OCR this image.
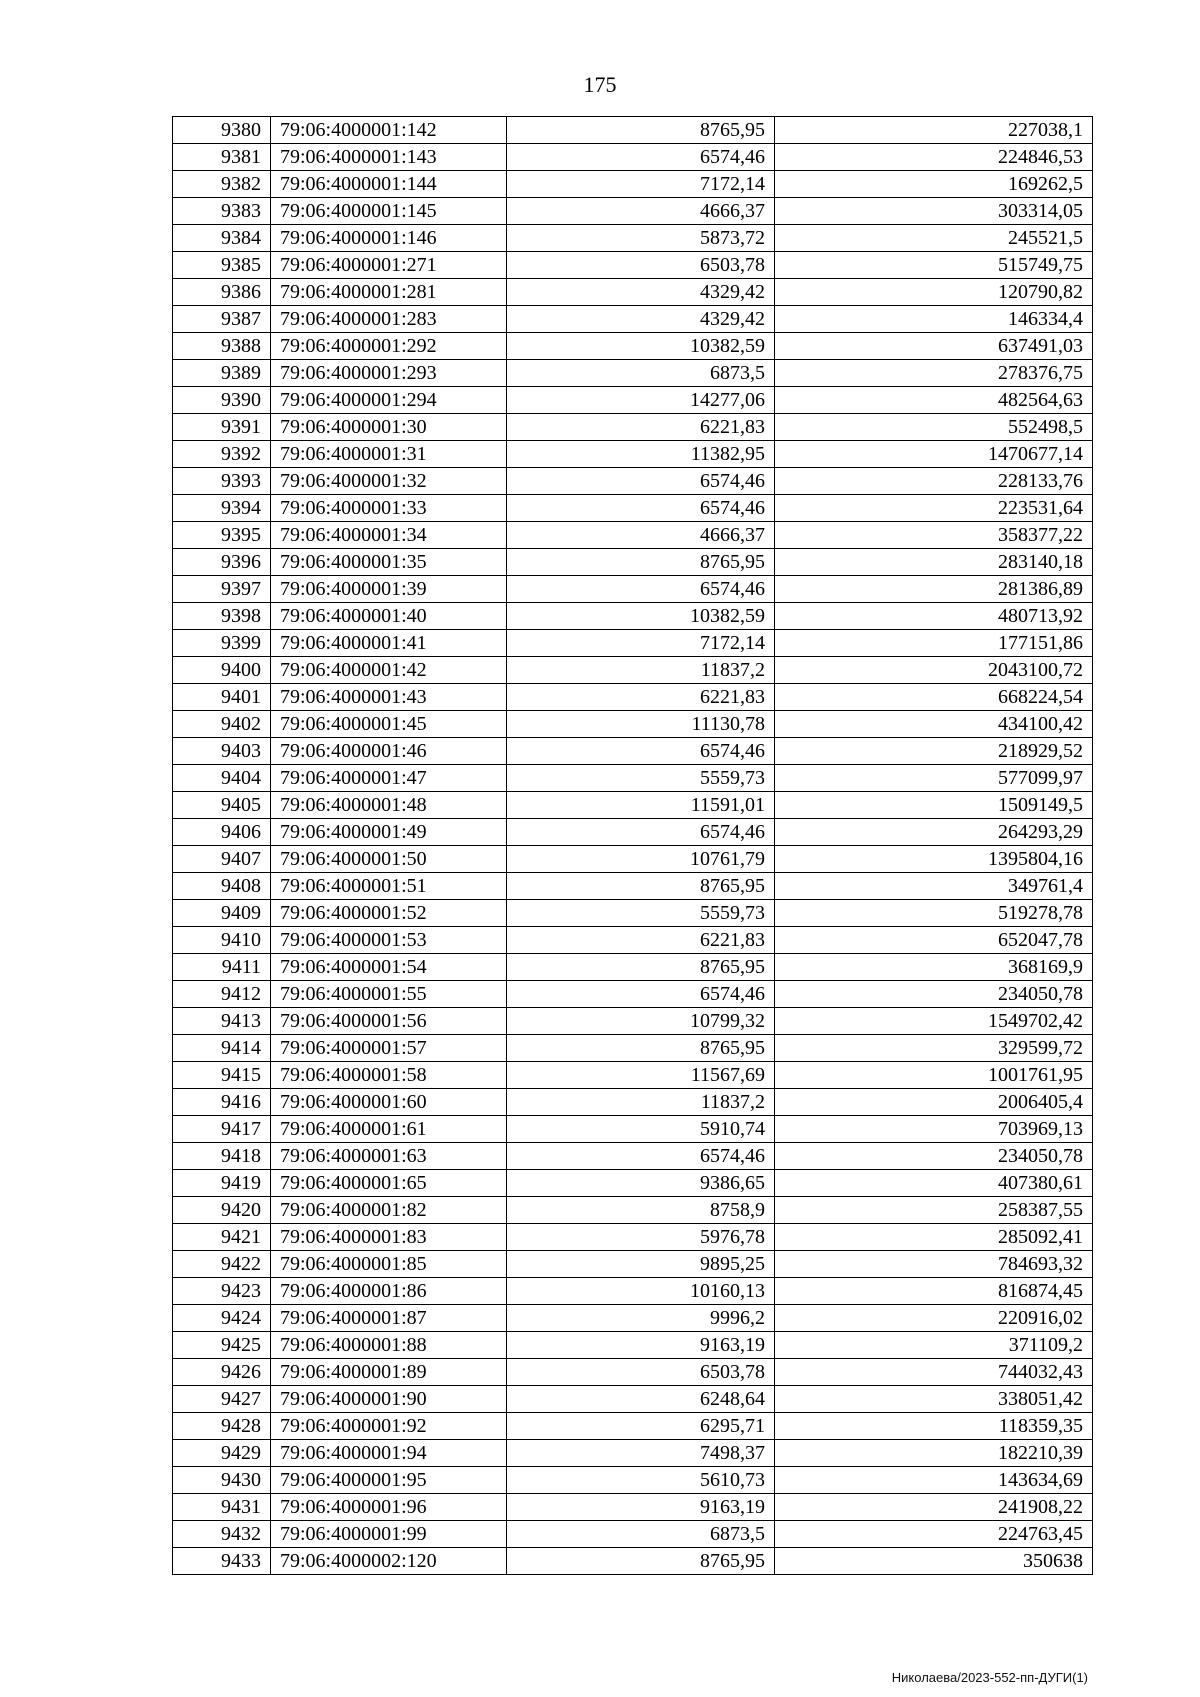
175
9380	79:06:4000001:142	8765,95	227038,1
9381	79:06:4000001:143	6574,46	224846,53
9382	79:06:4000001:144	7172,14	169262,5
9383	79:06:4000001:145	4666,37	303314,05
9384	79:06:4000001:146	5873,72	245521,5
9385	79:06:4000001:271	6503,78	515749,75
9386	79:06:4000001:281	4329,42	120790,82
9387	79:06:4000001:283	4329,42	146334,4
9388	79:06:4000001:292	10382,59	637491,03
9389	79:06:4000001:293	6873,5	278376,75
9390	79:06:4000001:294	14277,06	482564,63
9391	79:06:4000001:30	6221,83	552498,5
9392	79:06:4000001:31	11382,95	1470677,14
9393	79:06:4000001:32	6574,46	228133,76
9394	79:06:4000001:33	6574,46	223531,64
9395	79:06:4000001:34	4666,37	358377,22
9396	79:06:4000001:35	8765,95	283140,18
9397	79:06:4000001:39	6574,46	281386,89
9398	79:06:4000001:40	10382,59	480713,92
9399	79:06:4000001:41	7172,14	177151,86
9400	79:06:4000001:42	11837,2	2043100,72
9401	79:06:4000001:43	6221,83	668224,54
9402	79:06:4000001:45	11130,78	434100,42
9403	79:06:4000001:46	6574,46	218929,52
9404	79:06:4000001:47	5559,73	577099,97
9405	79:06:4000001:48	11591,01	1509149,5
9406	79:06:4000001:49	6574,46	264293,29
9407	79:06:4000001:50	10761,79	1395804,16
9408	79:06:4000001:51	8765,95	349761,4
9409	79:06:4000001:52	5559,73	519278,78
9410	79:06:4000001:53	6221,83	652047,78
9411	79:06:4000001:54	8765,95	368169,9
9412	79:06:4000001:55	6574,46	234050,78
9413	79:06:4000001:56	10799,32	1549702,42
9414	79:06:4000001:57	8765,95	329599,72
9415	79:06:4000001:58	11567,69	1001761,95
9416	79:06:4000001:60	11837,2	2006405,4
9417	79:06:4000001:61	5910,74	703969,13
9418	79:06:4000001:63	6574,46	234050,78
9419	79:06:4000001:65	9386,65	407380,61
9420	79:06:4000001:82	8758,9	258387,55
9421	79:06:4000001:83	5976,78	285092,41
9422	79:06:4000001:85	9895,25	784693,32
9423	79:06:4000001:86	10160,13	816874,45
9424	79:06:4000001:87	9996,2	220916,02
9425	79:06:4000001:88	9163,19	371109,2
9426	79:06:4000001:89	6503,78	744032,43
9427	79:06:4000001:90	6248,64	338051,42
9428	79:06:4000001:92	6295,71	118359,35
9429	79:06:4000001:94	7498,37	182210,39
9430	79:06:4000001:95	5610,73	143634,69
9431	79:06:4000001:96	9163,19	241908,22
9432	79:06:4000001:99	6873,5	224763,45
9433	79:06:4000002:120	8765,95	350638
Николаева/2023-552-пп-ДУГИ(1)
